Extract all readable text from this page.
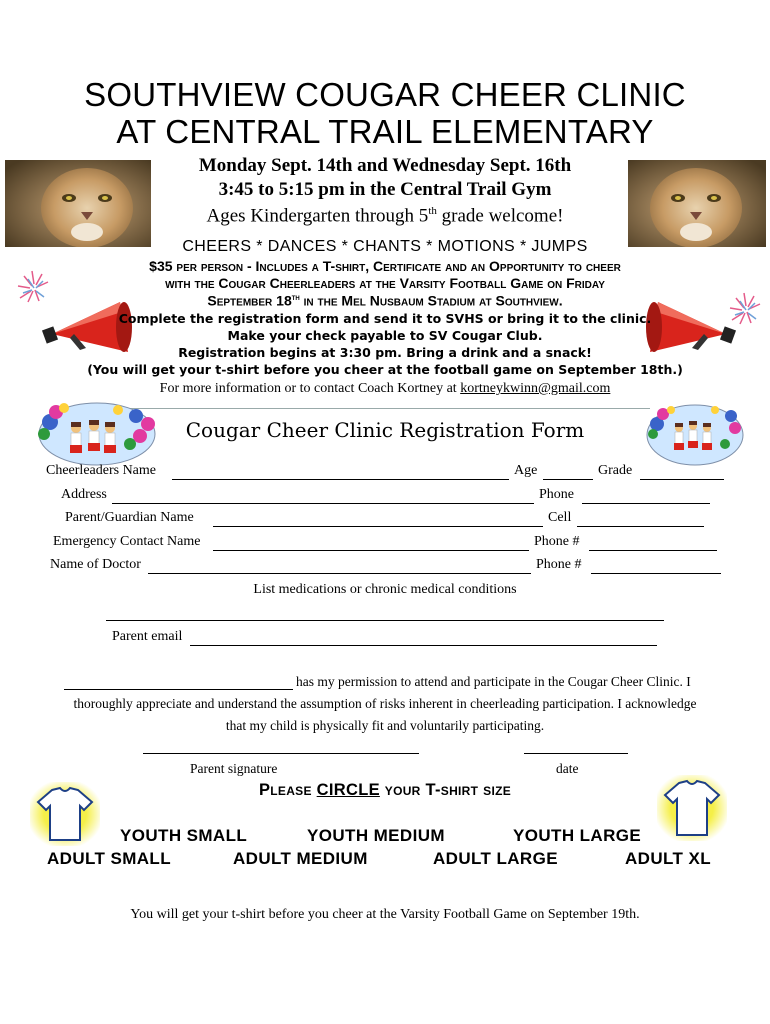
SOUTHVIEW COUGAR CHEER CLINIC
AT CENTRAL TRAIL ELEMENTARY
Monday Sept. 14th and Wednesday Sept. 16th
3:45 to 5:15 pm in the Central Trail Gym
Ages Kindergarten through 5th grade welcome!
CHEERS * DANCES * CHANTS * MOTIONS * JUMPS
$35 per person - Includes a T-shirt, Certificate and an Opportunity to cheer
with the Cougar Cheerleaders at the Varsity Football Game on Friday
September 18th in the Mel Nusbaum Stadium at Southview.
Complete the registration form and send it to SVHS or bring it to the clinic.
Make your check payable to SV Cougar Club.
Registration begins at 3:30 pm. Bring a drink and a snack!
(You will get your t-shirt before you cheer at the football game on September 18th.)
For more information or to contact Coach Kortney at kortneykwinn@gmail.com
Cougar Cheer Clinic Registration Form
Cheerleaders Name	Age	Grade
Address	Phone
Parent/Guardian Name	Cell
Emergency Contact Name	Phone #
Name of Doctor	Phone #
List medications or chronic medical conditions
Parent email
has my permission to attend and participate in the Cougar Cheer Clinic. I
thoroughly appreciate and understand the assumption of risks inherent in cheerleading participation. I acknowledge
that my child is physically fit and voluntarily participating.
Parent signature	date
Please CIRCLE your T-shirt size
YOUTH SMALL	YOUTH MEDIUM	YOUTH LARGE
ADULT SMALL	ADULT MEDIUM	ADULT LARGE	ADULT XL
You will get your t-shirt before you cheer at the Varsity Football Game on September 19th.
